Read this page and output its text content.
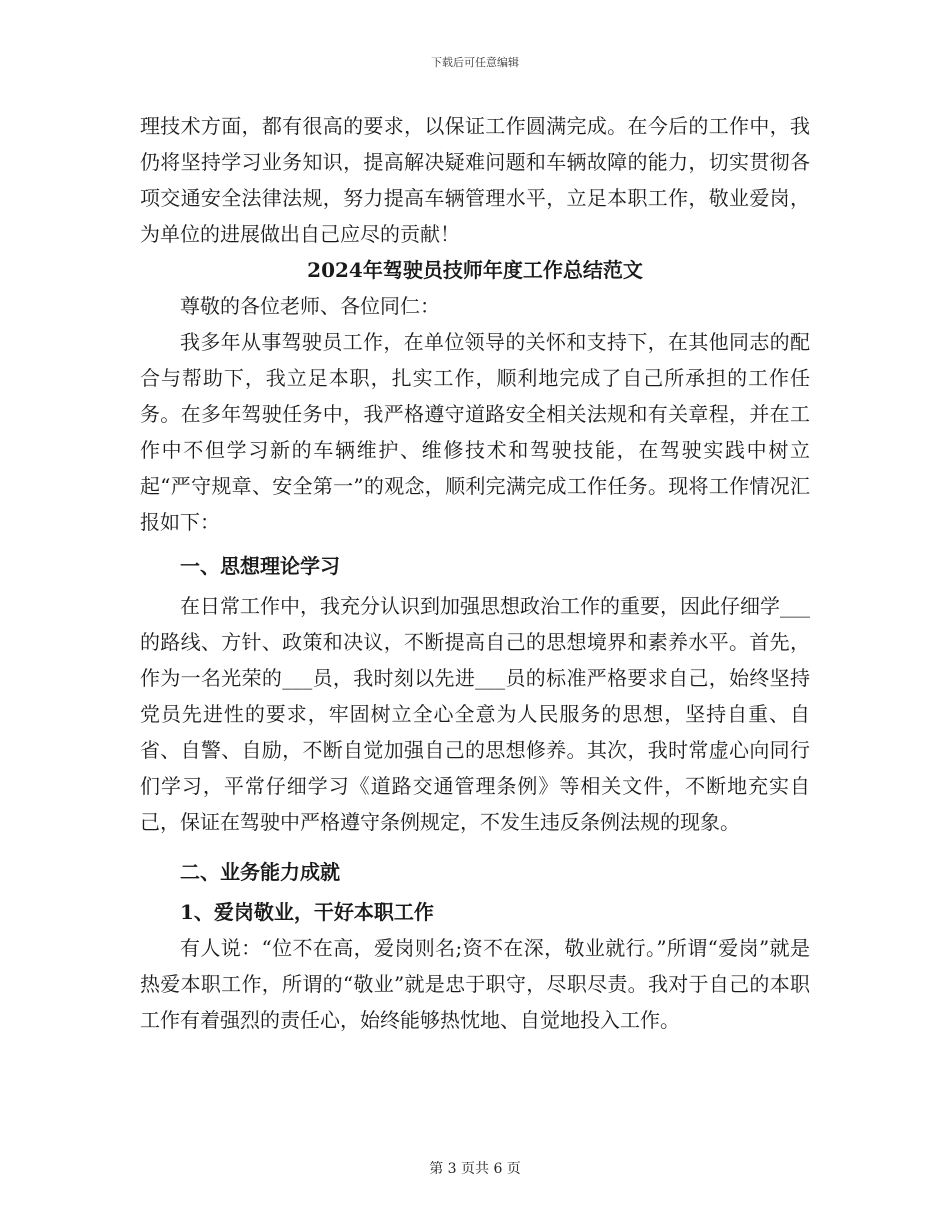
下载后可任意编辑

理技术方面，都有很高的要求，以保证工作圆满完成。在今后的工作中，我仍将坚持学习业务知识，提高解决疑难问题和车辆故障的能力，切实贯彻各项交通安全法律法规，努力提高车辆管理水平，立足本职工作，敬业爱岗，为单位的进展做出自己应尽的贡献！

2024年驾驶员技师年度工作总结范文

尊敬的各位老师、各位同仁：

我多年从事驾驶员工作，在单位领导的关怀和支持下，在其他同志的配合与帮助下，我立足本职，扎实工作，顺利地完成了自己所承担的工作任务。在多年驾驶任务中，我严格遵守道路安全相关法规和有关章程，并在工作中不但学习新的车辆维护、维修技术和驾驶技能，在驾驶实践中树立起“严守规章、安全第一”的观念，顺利完满完成工作任务。现将工作情况汇报如下：

一、思想理论学习

在日常工作中，我充分认识到加强思想政治工作的重要，因此仔细学___的路线、方针、政策和决议，不断提高自己的思想境界和素养水平。首先，作为一名光荣的___员，我时刻以先进___员的标准严格要求自己，始终坚持党员先进性的要求，牢固树立全心全意为人民服务的思想，坚持自重、自省、自警、自励，不断自觉加强自己的思想修养。其次，我时常虚心向同行们学习，平常仔细学习《道路交通管理条例》等相关文件，不断地充实自己，保证在驾驶中严格遵守条例规定，不发生违反条例法规的现象。

二、业务能力成就

1、爱岗敬业，干好本职工作

有人说：“位不在高，爱岗则名;资不在深，敬业就行。”所谓“爱岗”就是热爱本职工作，所谓的“敬业”就是忠于职守，尽职尽责。我对于自己的本职工作有着强烈的责任心，始终能够热忱地、自觉地投入工作。

第 3 页共 6 页
